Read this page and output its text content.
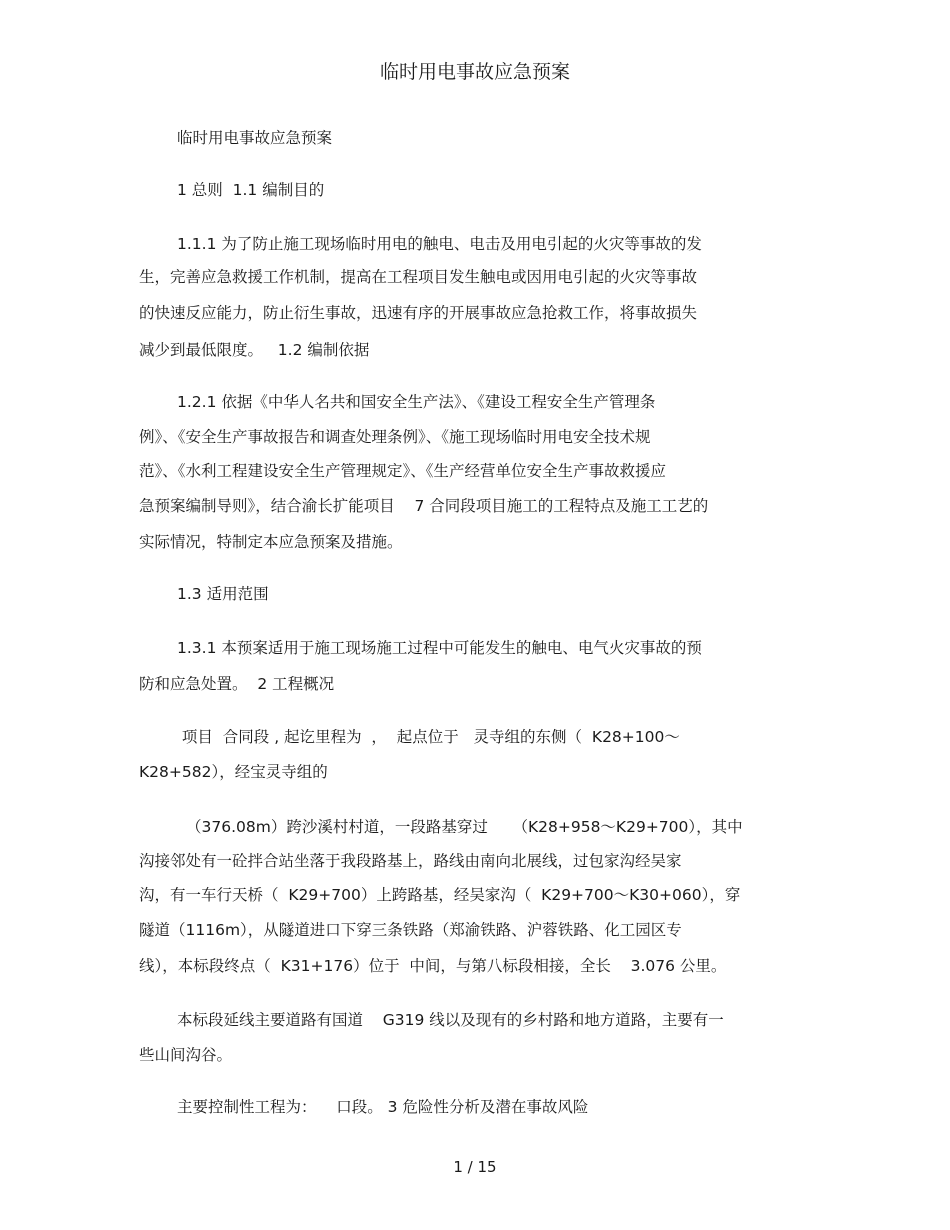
临时用电事故应急预案
临时用电事故应急预案
1 总则  1.1 编制目的
1.1.1 为了防止施工现场临时用电的触电、电击及用电引起的火灾等事故的发
生，完善应急救援工作机制，提高在工程项目发生触电或因用电引起的火灾等事故
的快速反应能力，防止衍生事故，迅速有序的开展事故应急抢救工作，将事故损失
减少到最低限度。   1.2 编制依据
1.2.1 依据《中华人名共和国安全生产法》、《建设工程安全生产管理条
例》、《安全生产事故报告和调查处理条例》、《施工现场临时用电安全技术规
范》、《水利工程建设安全生产管理规定》、《生产经营单位安全生产事故救援应
急预案编制导则》，结合渝长扩能项目    7 合同段项目施工的工程特点及施工工艺的
实际情况，特制定本应急预案及措施。
1.3 适用范围
1.3.1 本预案适用于施工现场施工过程中可能发生的触电、电气火灾事故的预
防和应急处置。  2 工程概况
项目  合同段 , 起讫里程为  ，  起点位于   灵寺组的东侧（  K28+100～
K28+582），经宝灵寺组的
（376.08m）跨沙溪村村道，一段路基穿过     （K28+958～K29+700），其中
沟接邻处有一砼拌合站坐落于我段路基上，路线由南向北展线，过包家沟经吴家
沟，有一车行天桥（  K29+700）上跨路基，经吴家沟（  K29+700～K30+060），穿
隧道（1116m），从隧道进口下穿三条铁路（郑渝铁路、沪蓉铁路、化工园区专
线），本标段终点（  K31+176）位于  中间，与第八标段相接，全长    3.076 公里。
本标段延线主要道路有国道    G319 线以及现有的乡村路和地方道路，主要有一
些山间沟谷。
主要控制性工程为：    口段。 3 危险性分析及潜在事故风险
1 / 15
